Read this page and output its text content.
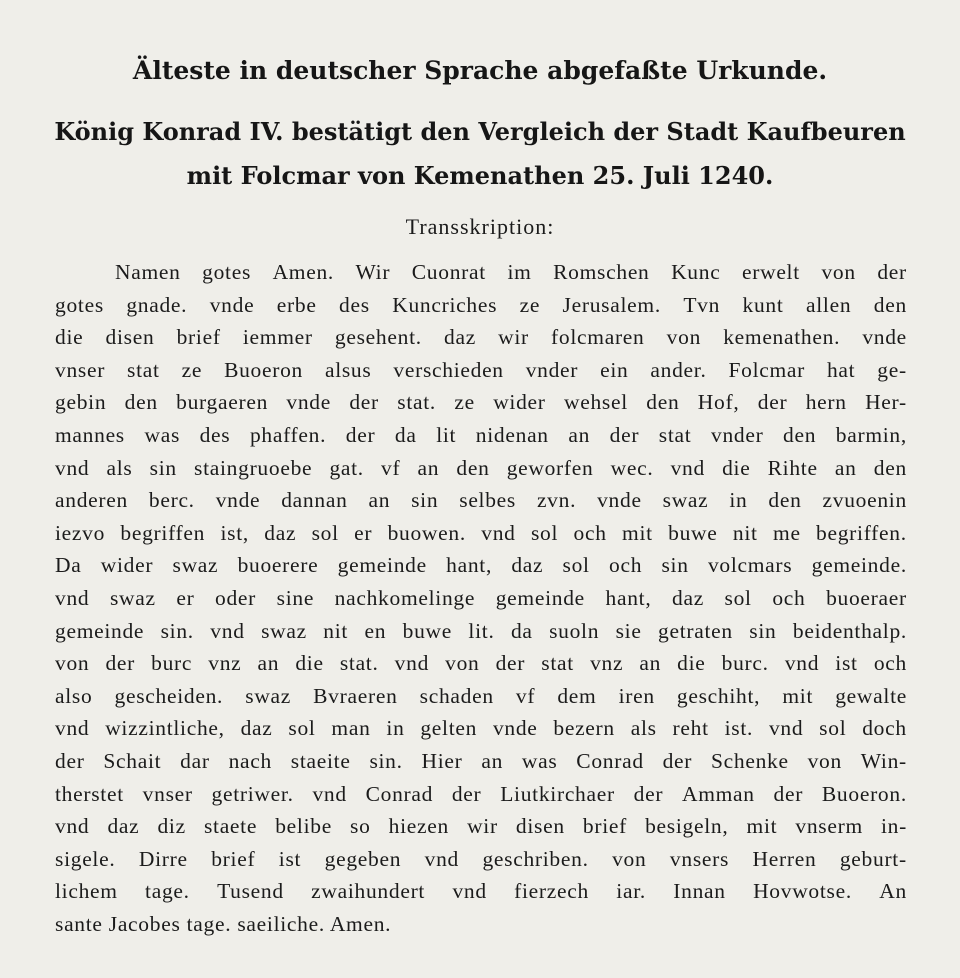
Älteste in deutscher Sprache abgefaßte Urkunde.
König Konrad IV. bestätigt den Vergleich der Stadt Kaufbeuren
mit Folcmar von Kemenathen 25. Juli 1240.
Transskription:
Namen gotes Amen. Wir Cuonrat im Romschen Kunc erwelt von der
gotes gnade. vnde erbe des Kuncriches ze Jerusalem. Tvn kunt allen den
die disen brief iemmer gesehent. daz wir folcmaren von kemenathen. vnde
vnser stat ze Buoeron alsus verschieden vnder ein ander. Folcmar hat ge-
gebin den burgaeren vnde der stat. ze wider wehsel den Hof, der hern Her-
mannes was des phaffen. der da lit nidenan an der stat vnder den barmin,
vnd als sin staingruoebe gat. vf an den geworfen wec. vnd die Rihte an den
anderen berc. vnde dannan an sin selbes zvn. vnde swaz in den zvuoenin
iezvo begriffen ist, daz sol er buowen. vnd sol och mit buwe nit me begriffen.
Da wider swaz buoerere gemeinde hant, daz sol och sin volcmars gemeinde.
vnd swaz er oder sine nachkomelinge gemeinde hant, daz sol och buoeraer
gemeinde sin. vnd swaz nit en buwe lit. da suoln sie getraten sin beidenthalp.
von der burc vnz an die stat. vnd von der stat vnz an die burc. vnd ist och
also gescheiden. swaz Bvraeren schaden vf dem iren geschiht, mit gewalte
vnd wizzintliche, daz sol man in gelten vnde bezern als reht ist. vnd sol doch
der Schait dar nach staeite sin. Hier an was Conrad der Schenke von Win-
therstet vnser getriwer. vnd Conrad der Liutkirchaer der Amman der Buoeron.
vnd daz diz staete belibe so hiezen wir disen brief besigeln, mit vnserm in-
sigele. Dirre brief ist gegeben vnd geschriben. von vnsers Herren geburt-
lichem tage. Tusend zwaihundert vnd fierzech iar. Innan Hovwotse. An
sante Jacobes tage. saeiliche. Amen.
